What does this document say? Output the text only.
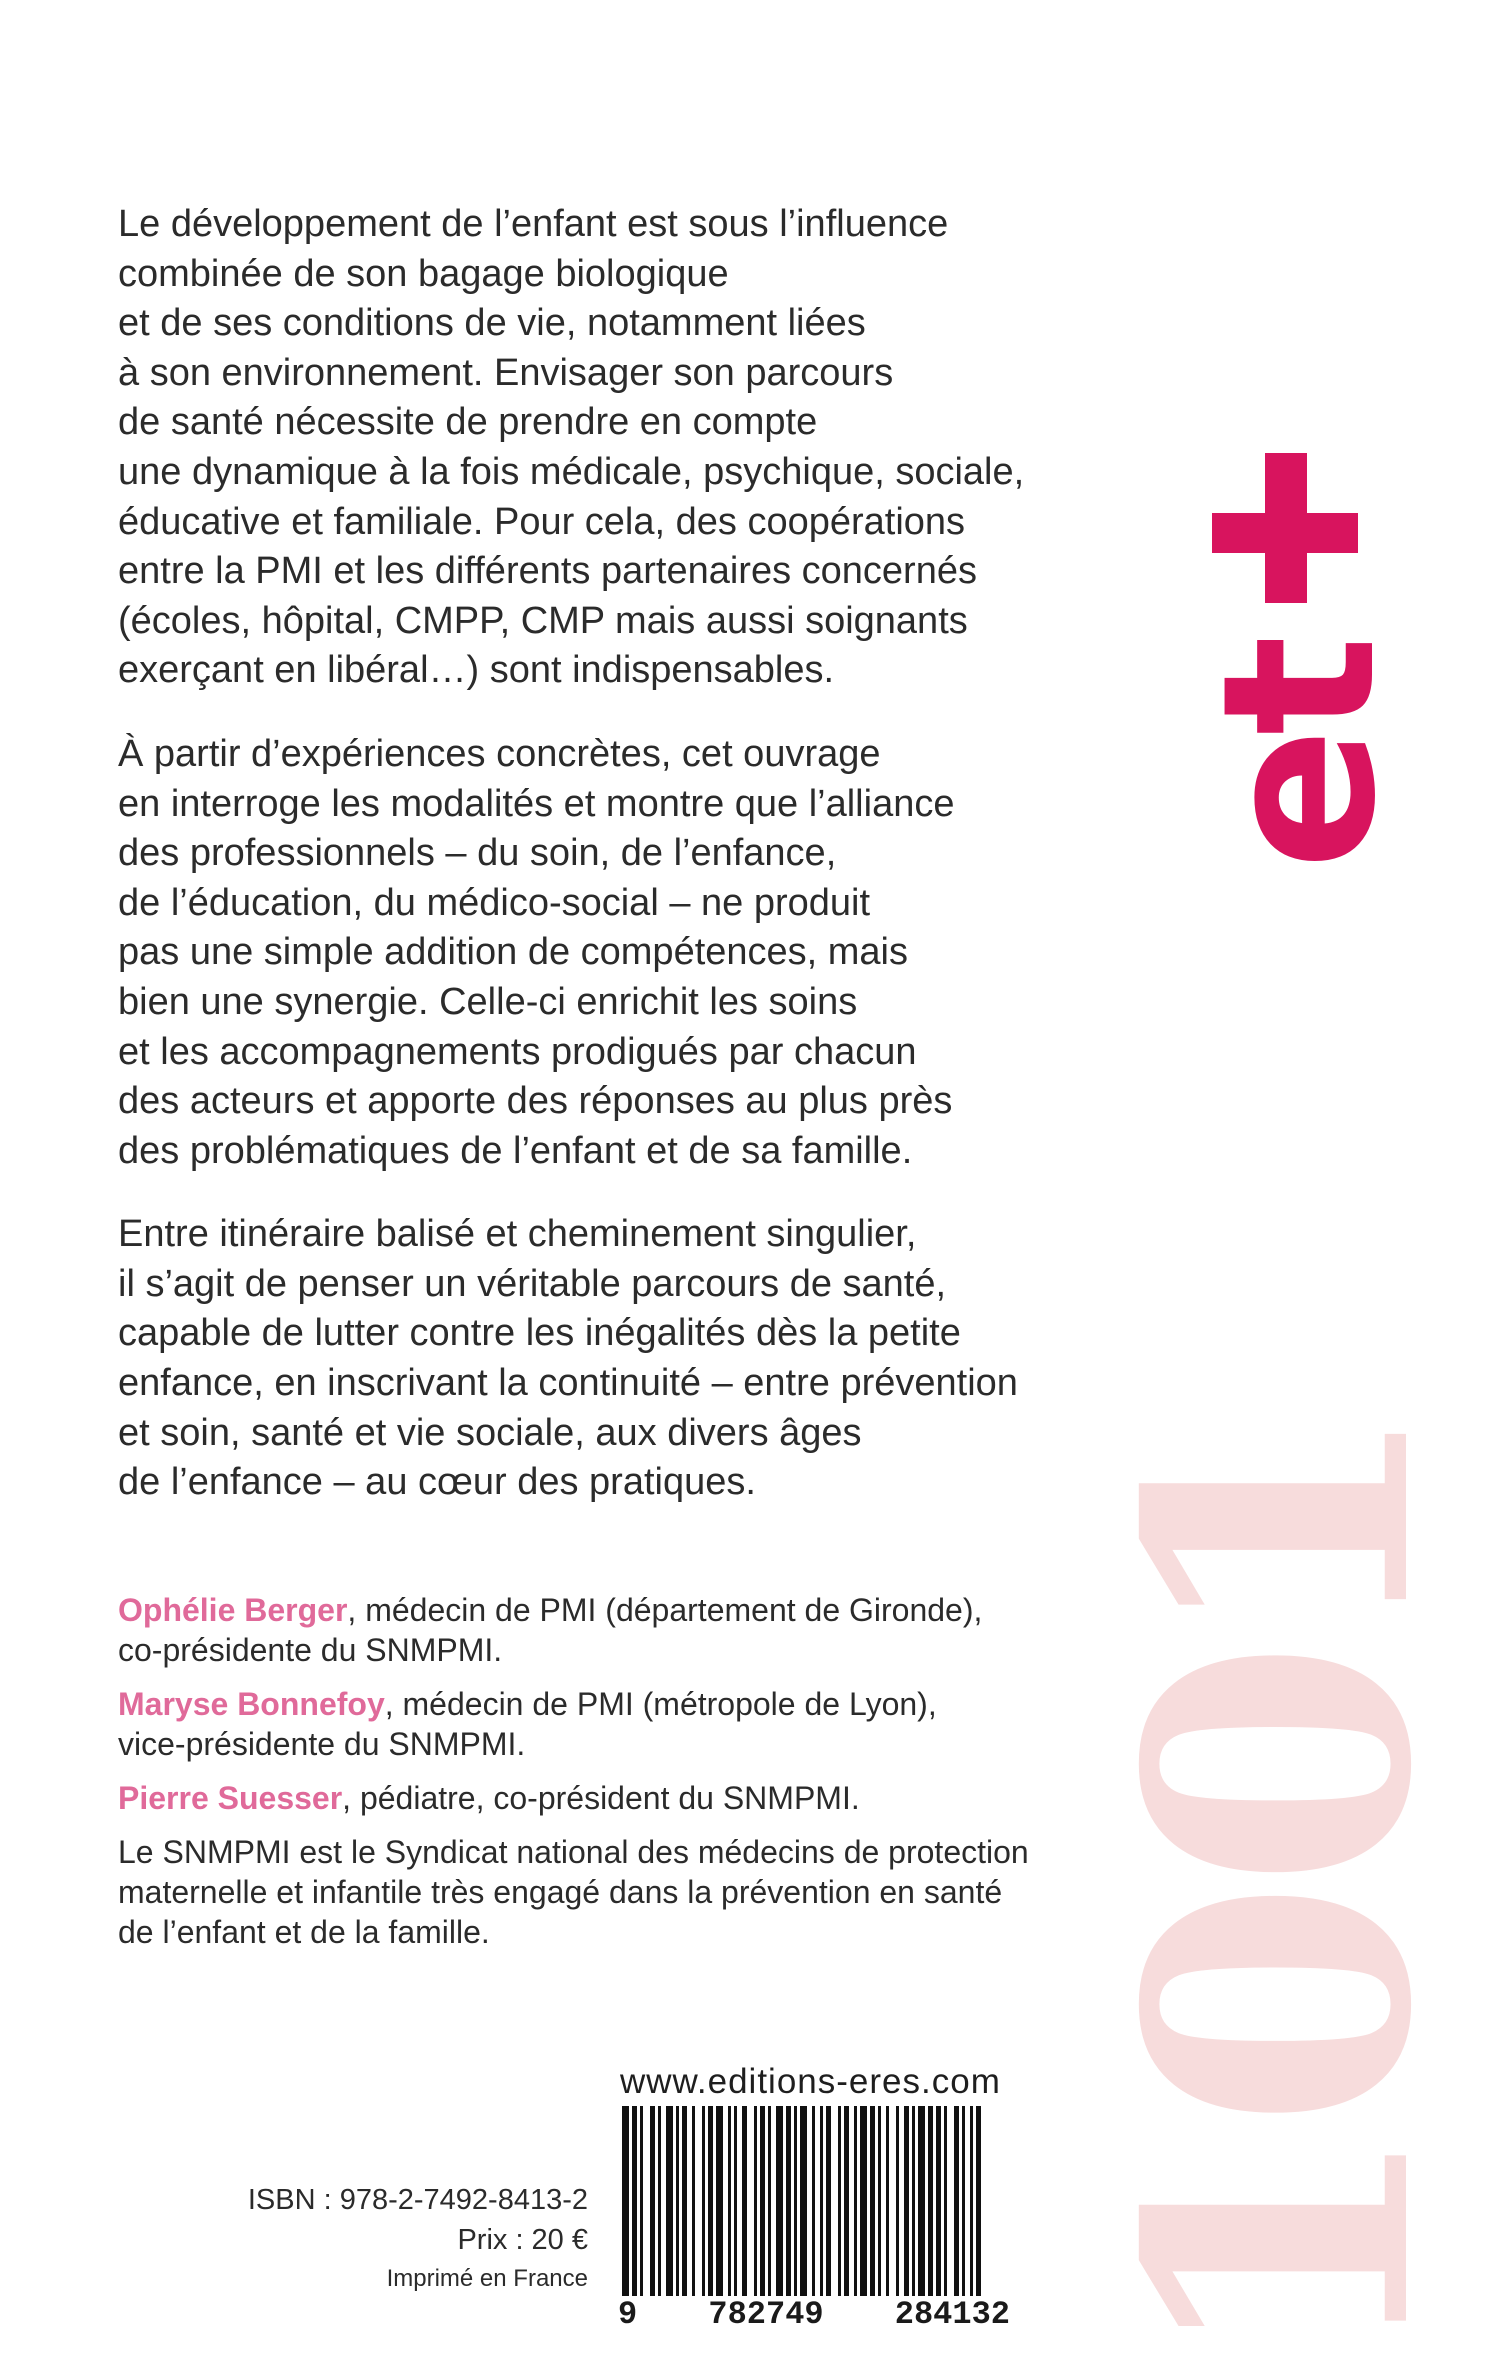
1001
et

Le développement de l’enfant est sous l’influence
combinée de son bagage biologique
et de ses conditions de vie, notamment liées
à son environnement. Envisager son parcours
de santé nécessite de prendre en compte
une dynamique à la fois médicale, psychique, sociale,
éducative et familiale. Pour cela, des coopérations
entre la PMI et les différents partenaires concernés
(écoles, hôpital, CMPP, CMP mais aussi soignants
exerçant en libéral…) sont indispensables.

À partir d’expériences concrètes, cet ouvrage
en interroge les modalités et montre que l’alliance
des professionnels – du soin, de l’enfance,
de l’éducation, du médico-social – ne produit
pas une simple addition de compétences, mais
bien une synergie. Celle-ci enrichit les soins
et les accompagnements prodigués par chacun
des acteurs et apporte des réponses au plus près
des problématiques de l’enfant et de sa famille.

Entre itinéraire balisé et cheminement singulier,
il s’agit de penser un véritable parcours de santé,
capable de lutter contre les inégalités dès la petite
enfance, en inscrivant la continuité – entre prévention
et soin, santé et vie sociale, aux divers âges
de l’enfance – au cœur des pratiques.

Ophélie Berger, médecin de PMI (département de Gironde),
co-présidente du SNMPMI.
Maryse Bonnefoy, médecin de PMI (métropole de Lyon),
vice-présidente du SNMPMI.
Pierre Suesser, pédiatre, co-président du SNMPMI.
Le SNMPMI est le Syndicat national des médecins de protection
maternelle et infantile très engagé dans la prévention en santé
de l’enfant et de la famille.
www.editions-eres.com
9 782749 284132
ISBN : 978-2-7492-8413-2
Prix : 20 €
Imprimé en France
